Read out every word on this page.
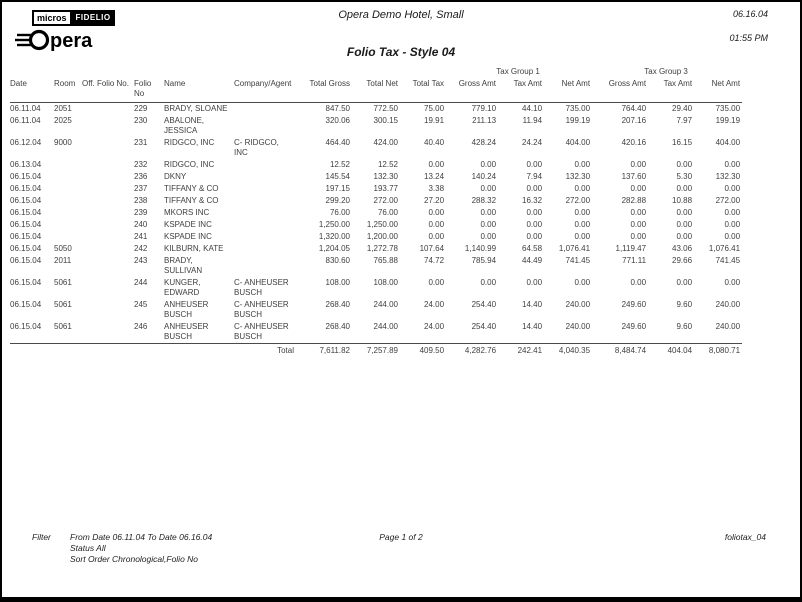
micros	FIDELIO
pera
Opera Demo Hotel, Small	06.16.04
01:55 PM
Folio Tax - Style 04
									Tax Group 1			Tax Group 3		
Date	Room	Off. Folio No.	Folio No	Name	Company/Agent	Total Gross	Total Net	Total Tax	Gross Amt	Tax Amt	Net Amt	Gross Amt	Tax Amt	Net Amt
06.11.04	2051		229	BRADY, SLOANE		847.50	772.50	75.00	779.10	44.10	735.00	764.40	29.40	735.00
06.11.04	2025		230	ABALONE, JESSICA		320.06	300.15	19.91	211.13	11.94	199.19	207.16	7.97	199.19
06.12.04	9000		231	RIDGCO, INC	C- RIDGCO, INC	464.40	424.00	40.40	428.24	24.24	404.00	420.16	16.15	404.00
06.13.04			232	RIDGCO, INC		12.52	12.52	0.00	0.00	0.00	0.00	0.00	0.00	0.00
06.15.04			236	DKNY		145.54	132.30	13.24	140.24	7.94	132.30	137.60	5.30	132.30
06.15.04			237	TIFFANY & CO		197.15	193.77	3.38	0.00	0.00	0.00	0.00	0.00	0.00
06.15.04			238	TIFFANY & CO		299.20	272.00	27.20	288.32	16.32	272.00	282.88	10.88	272.00
06.15.04			239	MKORS INC		76.00	76.00	0.00	0.00	0.00	0.00	0.00	0.00	0.00
06.15.04			240	KSPADE INC		1,250.00	1,250.00	0.00	0.00	0.00	0.00	0.00	0.00	0.00
06.15.04			241	KSPADE INC		1,320.00	1,200.00	0.00	0.00	0.00	0.00	0.00	0.00	0.00
06.15.04	5050		242	KILBURN, KATE		1,204.05	1,272.78	107.64	1,140.99	64.58	1,076.41	1,119.47	43.06	1,076.41
06.15.04	2011		243	BRADY, SULLIVAN		830.60	765.88	74.72	785.94	44.49	741.45	771.11	29.66	741.45
06.15.04	5061		244	KUNGER, EDWARD	C- ANHEUSER BUSCH	108.00	108.00	0.00	0.00	0.00	0.00	0.00	0.00	0.00
06.15.04	5061		245	ANHEUSER BUSCH	C- ANHEUSER BUSCH	268.40	244.00	24.00	254.40	14.40	240.00	249.60	9.60	240.00
06.15.04	5061		246	ANHEUSER BUSCH	C- ANHEUSER BUSCH	268.40	244.00	24.00	254.40	14.40	240.00	249.60	9.60	240.00
					Total	7,611.82	7,257.89	409.50	4,282.76	242.41	4,040.35	8,484.74	404.04	8,080.71
Filter From Date 06.11.04 To Date 06.16.04
Status All
Sort Order Chronological,Folio No
Page 1 of 2	foliotax_04
